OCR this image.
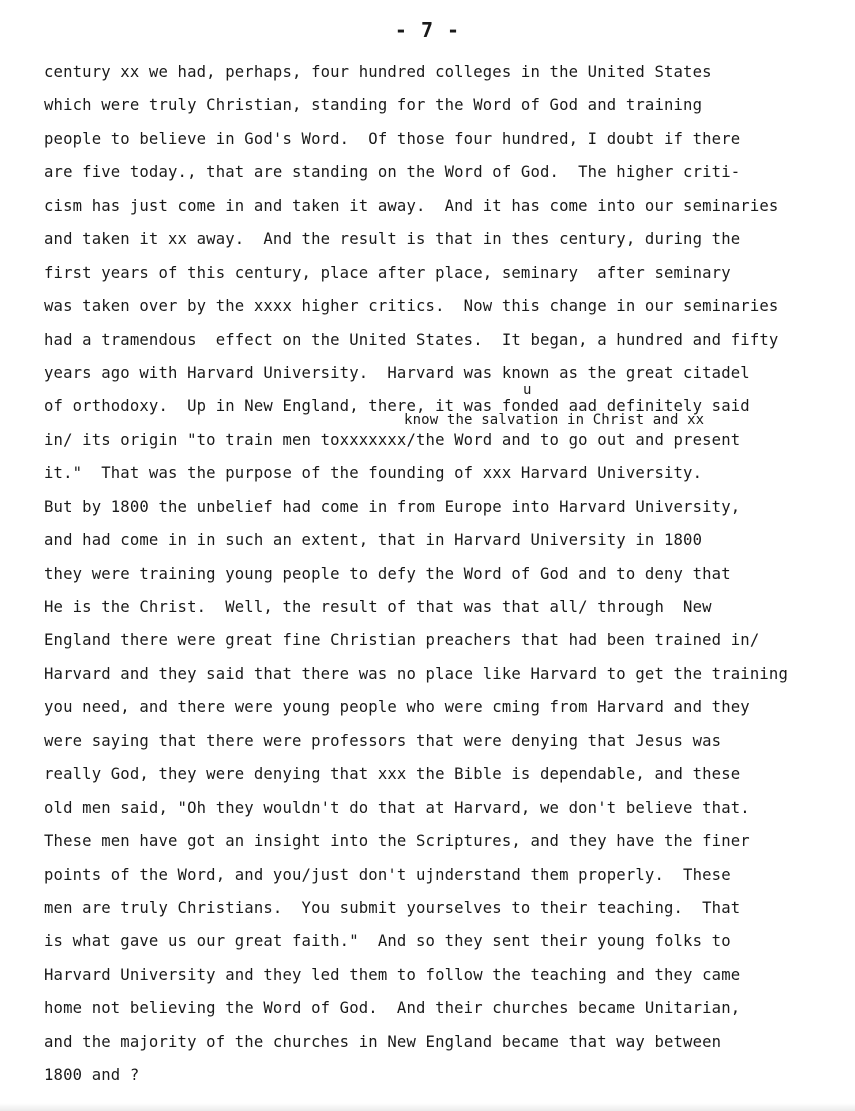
- 7 -
century xx we had, perhaps, four hundred colleges in the United States
which were truly Christian, standing for the Word of God and training
people to believe in God's Word.  Of those four hundred, I doubt if there
are five today., that are standing on the Word of God.  The higher criti-
cism has just come in and taken it away.  And it has come into our seminaries
and taken it xx away.  And the result is that in thes century, during the
first years of this century, place after place, seminary  after seminary
was taken over by the xxxx higher critics.  Now this change in our seminaries
had a tramendous  effect on the United States.  It began, a hundred and fifty
years ago with Harvard University.  Harvard was known as the great citadel
of orthodoxy.  Up in New England, there, it was fonded aad definitely said
in/ its origin "to train men toxxxxxxx/the Word and to go out and present
it."  That was the purpose of the founding of xxx Harvard University.
But by 1800 the unbelief had come in from Europe into Harvard University,
and had come in in such an extent, that in Harvard University in 1800
they were training young people to defy the Word of God and to deny that
He is the Christ.  Well, the result of that was that all/ through  New
England there were great fine Christian preachers that had been trained in/
Harvard and they said that there was no place like Harvard to get the training
you need, and there were young people who were cming from Harvard and they
were saying that there were professors that were denying that Jesus was
really God, they were denying that xxx the Bible is dependable, and these
old men said, "Oh they wouldn't do that at Harvard, we don't believe that.
These men have got an insight into the Scriptures, and they have the finer
points of the Word, and you/just don't ujnderstand them properly.  These
men are truly Christians.  You submit yourselves to their teaching.  That
is what gave us our great faith."  And so they sent their young folks to
Harvard University and they led them to follow the teaching and they came
home not believing the Word of God.  And their churches became Unitarian,
and the majority of the churches in New England became that way between
1800 and ?
u
know the salvation in Christ and xx
